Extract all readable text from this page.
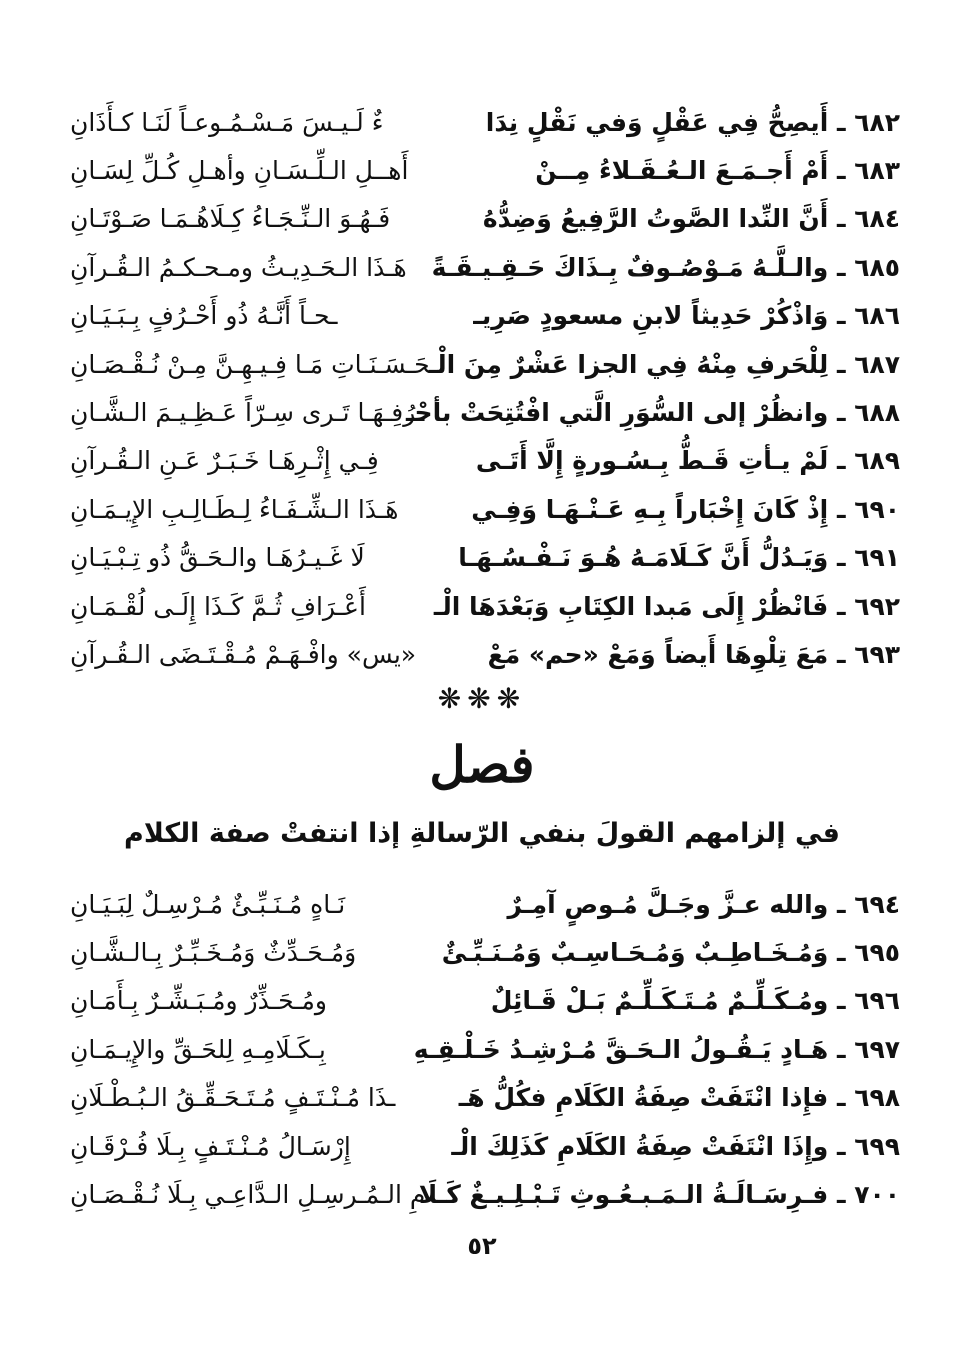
٦٨٢ ـ أَيصِحُّ فِي عَقْلٍ وَفي نَقْلٍ نِدَا
ءٌ لَـيـسَ مَـسْـمُـوعـاً لَنَـا كـأَذَانِ
٦٨٣ ـ أَمْ أَجـمَـعَ الـعُـقَـلاءُ مِــنْ
أَهــلِ الـلِّـسَـانِ وأهـلِ كُـلِّ لِسَـانِ
٦٨٤ ـ أَنَّ النِّدا الصَّوتُ الرَّفِيعُ وَضِدُّهُ
فَـهُـوَ الـنِّـجَـاءُ كِـلَاهُـمَـا صَـوْتَـانِ
٦٨٥ ـ والـلَّـهُ مَـوْصُـوفٌ بِـذَاكَ حَـقِـيـقَـةً
هَـذَا الـحَـدِيـثُ ومـحـكـمُ الـقُـرآنِ
٦٨٦ ـ وَاذْكُرْ حَدِيثاً لابنِ مسعودٍ صَرِيـ
ـحـاً أَنَّـهُ ذُو أَحْـرُفٍ بِـبَـيَـانِ
٦٨٧ ـ لِلْحَرفِ مِنْهُ فِي الجزا عَشْرٌ مِنَ الْـ
ـحَـسَـنَـاتِ مَـا فِـيـهِـنَّ مِـنْ نُـقْـصَـانِ
٦٨٨ ـ وانظُرْ إلى السُّوَرِ الَّتي افْتُتِحَتْ بأحْـ
ـرُفِـهَـا تَـرى سِـرّاً عَـظِـيـمَ الـشَّـانِ
٦٨٩ ـ لَمْ يـأتِ قَـطُّ بِـسُـورةٍ إِلَّا أَتَـى
فِـي إِثْـرِهَـا خَـبَـرٌ عَـنِ الـقُـرآنِ
٦٩٠ ـ إِذْ كَانَ إِخْبَاراً بِـهِ عَـنْـهَـا وَفِـي
هَـذَا الـشِّـفَـاءُ لِـطَـالِـبِ الإِيـمَـانِ
٦٩١ ـ وَيَـدُلُّ أَنَّ كَـلَامَـهُ هُـوَ نَـفْـسُـهَـا
لَا غَـيـرُهَـا والـحَـقُّ ذُو تِـبْـيَـانِ
٦٩٢ ـ فَانْظُرْ إِلَى مَبدا الكِتَابِ وَبَعْدَهَا الْـ
أَعْـرَافِ ثُـمَّ كَـذَا إِلَـى لُقْـمَـانِ
٦٩٣ ـ مَعَ تِلْوِهَا أَيضاً وَمَعْ «حم» مَعْ
«يس» وافْـهَـمْ مُـقْـتَـضَى الـقُـرآنِ
❋❋❋
فصل
في إلزامهم القولَ بنفي الرّسالةِ إذا انتفتْ صفة الكلام
٦٩٤ ـ والله عـزَّ وجَـلَّ مُـوصٍ آمِـرٌ
نَـاهٍ مُـنَـبِّـئٌ مُـرْسِـلٌ لِبَـيَـانِ
٦٩٥ ـ وَمُـخَـاطِـبٌ وَمُـحَـاسِـبٌ وَمُـنَـبِّـئٌ
وَمُـحَـدِّثٌ وَمُـخَـبِّـرٌ بِـالـشَّـانِ
٦٩٦ ـ ومُـكَـلِّـمٌ مُـتَـكَـلِّـمٌ بَـلْ قَـائِلٌ
ومُـحَـذِّرٌ ومُـبَـشِّـرٌ بِـأَمَـانِ
٦٩٧ ـ هَـادٍ يَـقُـولُ الـحَـقَّ مُـرْشِـدُ خَـلْـقِـهِ
بِـكَـلَامِـهِ لِلحَـقِّ والإِيـمَـانِ
٦٩٨ ـ فإِذا انْتَفَتْ صِفَةُ الكَلَامِ فكُلُّ هَـ
ـذَا مُـنْـتَـفٍ مُـتَـحَـقِّـقُ الـبُـطْـلَانِ
٦٩٩ ـ وإِذَا انْتَفَتْ صِفَةُ الكَلَامِ كَذَلِكَ الْـ
إِرْسَـالُ مُـنْـتَـفٍ بِـلَا فُـرْقَـانِ
٧٠٠ ـ فـرِسَـالَـةُ الـمَـبـعُـوثِ تَـبْـلِـيـغٌ كَـلَا
مِ الـمُـرسِـلِ الـدَّاعِـي بِـلَا نُـقْـصَـانِ
٥٢
